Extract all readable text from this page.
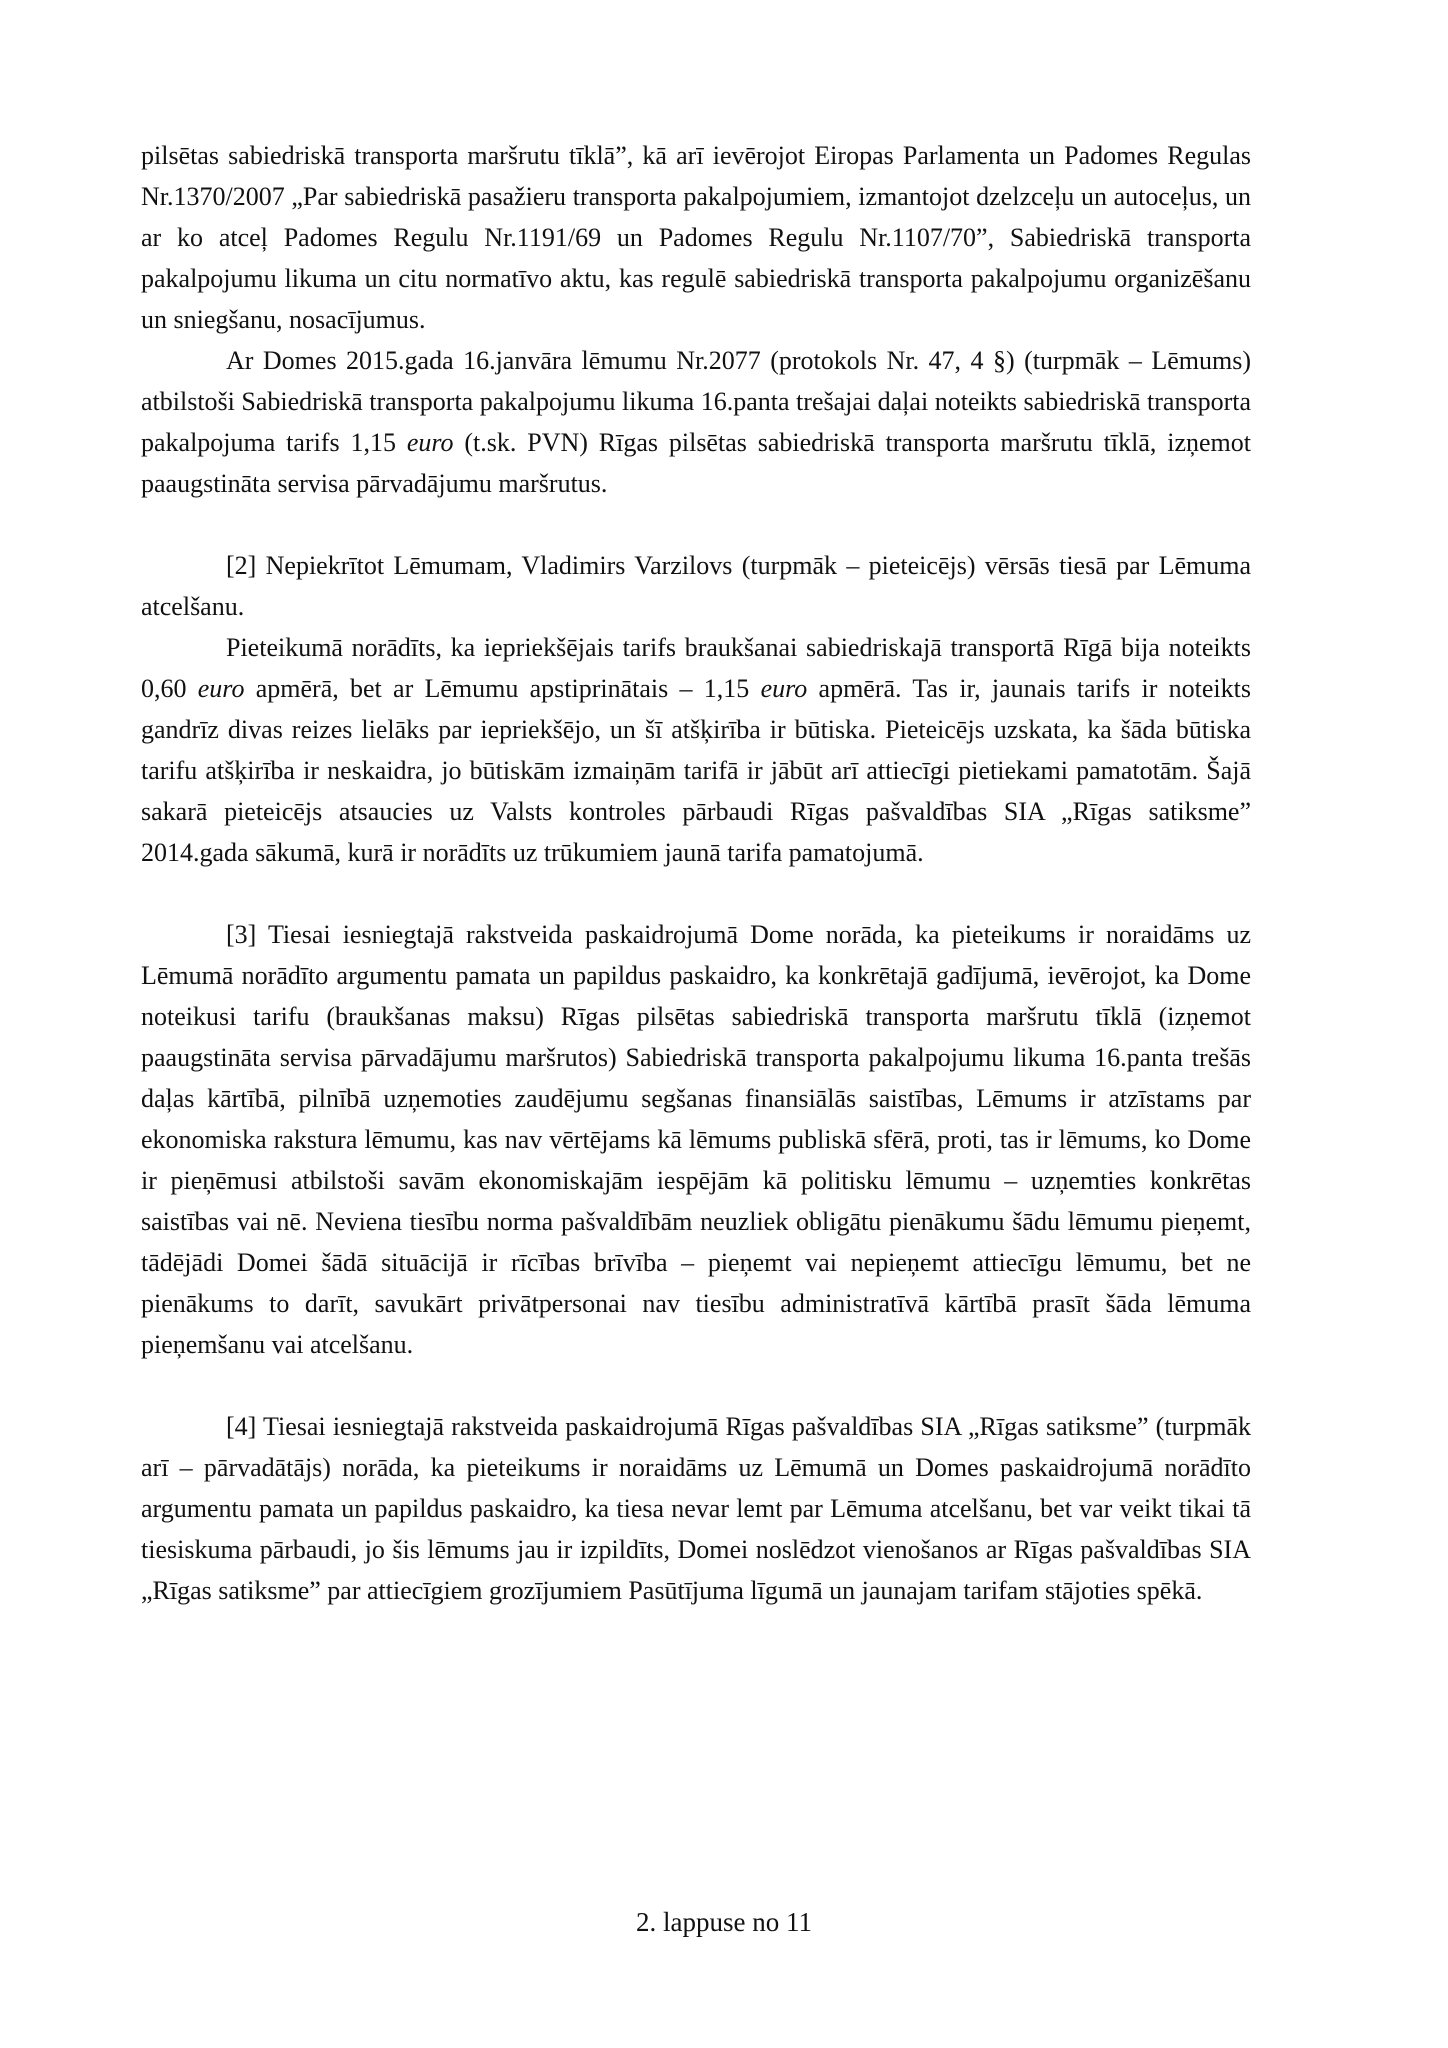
pilsētas sabiedriskā transporta maršrutu tīklā”, kā arī ievērojot Eiropas Parlamenta un Padomes Regulas Nr.1370/2007 „Par sabiedriskā pasažieru transporta pakalpojumiem, izmantojot dzelzceļu un autoceļus, un ar ko atceļ Padomes Regulu Nr.1191/69 un Padomes Regulu Nr.1107/70”, Sabiedriskā transporta pakalpojumu likuma un citu normatīvo aktu, kas regulē sabiedriskā transporta pakalpojumu organizēšanu un sniegšanu, nosacījumus.

Ar Domes 2015.gada 16.janvāra lēmumu Nr.2077 (protokols Nr. 47, 4 §) (turpmāk – Lēmums) atbilstoši Sabiedriskā transporta pakalpojumu likuma 16.panta trešajai daļai noteikts sabiedriskā transporta pakalpojuma tarifs 1,15 euro (t.sk. PVN) Rīgas pilsētas sabiedriskā transporta maršrutu tīklā, izņemot paaugstināta servisa pārvadājumu maršrutus.

[2] Nepiekrītot Lēmumam, Vladimirs Varzilovs (turpmāk – pieteicējs) vērsās tiesā par Lēmuma atcelšanu.

Pieteikumā norādīts, ka iepriekšējais tarifs braukšanai sabiedriskajā transportā Rīgā bija noteikts 0,60 euro apmērā, bet ar Lēmumu apstiprinātais – 1,15 euro apmērā. Tas ir, jaunais tarifs ir noteikts gandrīz divas reizes lielāks par iepriekšējo, un šī atšķirība ir būtiska. Pieteicējs uzskata, ka šāda būtiska tarifu atšķirība ir neskaidra, jo būtiskām izmaiņām tarifā ir jābūt arī attiecīgi pietiekami pamatotām. Šajā sakarā pieteicējs atsaucies uz Valsts kontroles pārbaudi Rīgas pašvaldības SIA „Rīgas satiksme” 2014.gada sākumā, kurā ir norādīts uz trūkumiem jaunā tarifa pamatojumā.

[3] Tiesai iesniegtajā rakstveida paskaidrojumā Dome norāda, ka pieteikums ir noraidāms uz Lēmumā norādīto argumentu pamata un papildus paskaidro, ka konkrētajā gadījumā, ievērojot, ka Dome noteikusi tarifu (braukšanas maksu) Rīgas pilsētas sabiedriskā transporta maršrutu tīklā (izņemot paaugstināta servisa pārvadājumu maršrutos) Sabiedriskā transporta pakalpojumu likuma 16.panta trešās daļas kārtībā, pilnībā uzņemoties zaudējumu segšanas finansiālās saistības, Lēmums ir atzīstams par ekonomiska rakstura lēmumu, kas nav vērtējams kā lēmums publiskā sfērā, proti, tas ir lēmums, ko Dome ir pieņēmusi atbilstoši savām ekonomiskajām iespējām kā politisku lēmumu – uzņemties konkrētas saistības vai nē. Neviena tiesību norma pašvaldībām neuzliek obligātu pienākumu šādu lēmumu pieņemt, tādējādi Domei šādā situācijā ir rīcības brīvība – pieņemt vai nepieņemt attiecīgu lēmumu, bet ne pienākums to darīt, savukārt privātpersonai nav tiesību administratīvā kārtībā prasīt šāda lēmuma pieņemšanu vai atcelšanu.

[4] Tiesai iesniegtajā rakstveida paskaidrojumā Rīgas pašvaldības SIA „Rīgas satiksme” (turpmāk arī – pārvadātājs) norāda, ka pieteikums ir noraidāms uz Lēmumā un Domes paskaidrojumā norādīto argumentu pamata un papildus paskaidro, ka tiesa nevar lemt par Lēmuma atcelšanu, bet var veikt tikai tā tiesiskuma pārbaudi, jo šis lēmums jau ir izpildīts, Domei noslēdzot vienošanos ar Rīgas pašvaldības SIA „Rīgas satiksme” par attiecīgiem grozījumiem Pasūtījuma līgumā un jaunajam tarifam stājoties spēkā.

2. lappuse no 11
